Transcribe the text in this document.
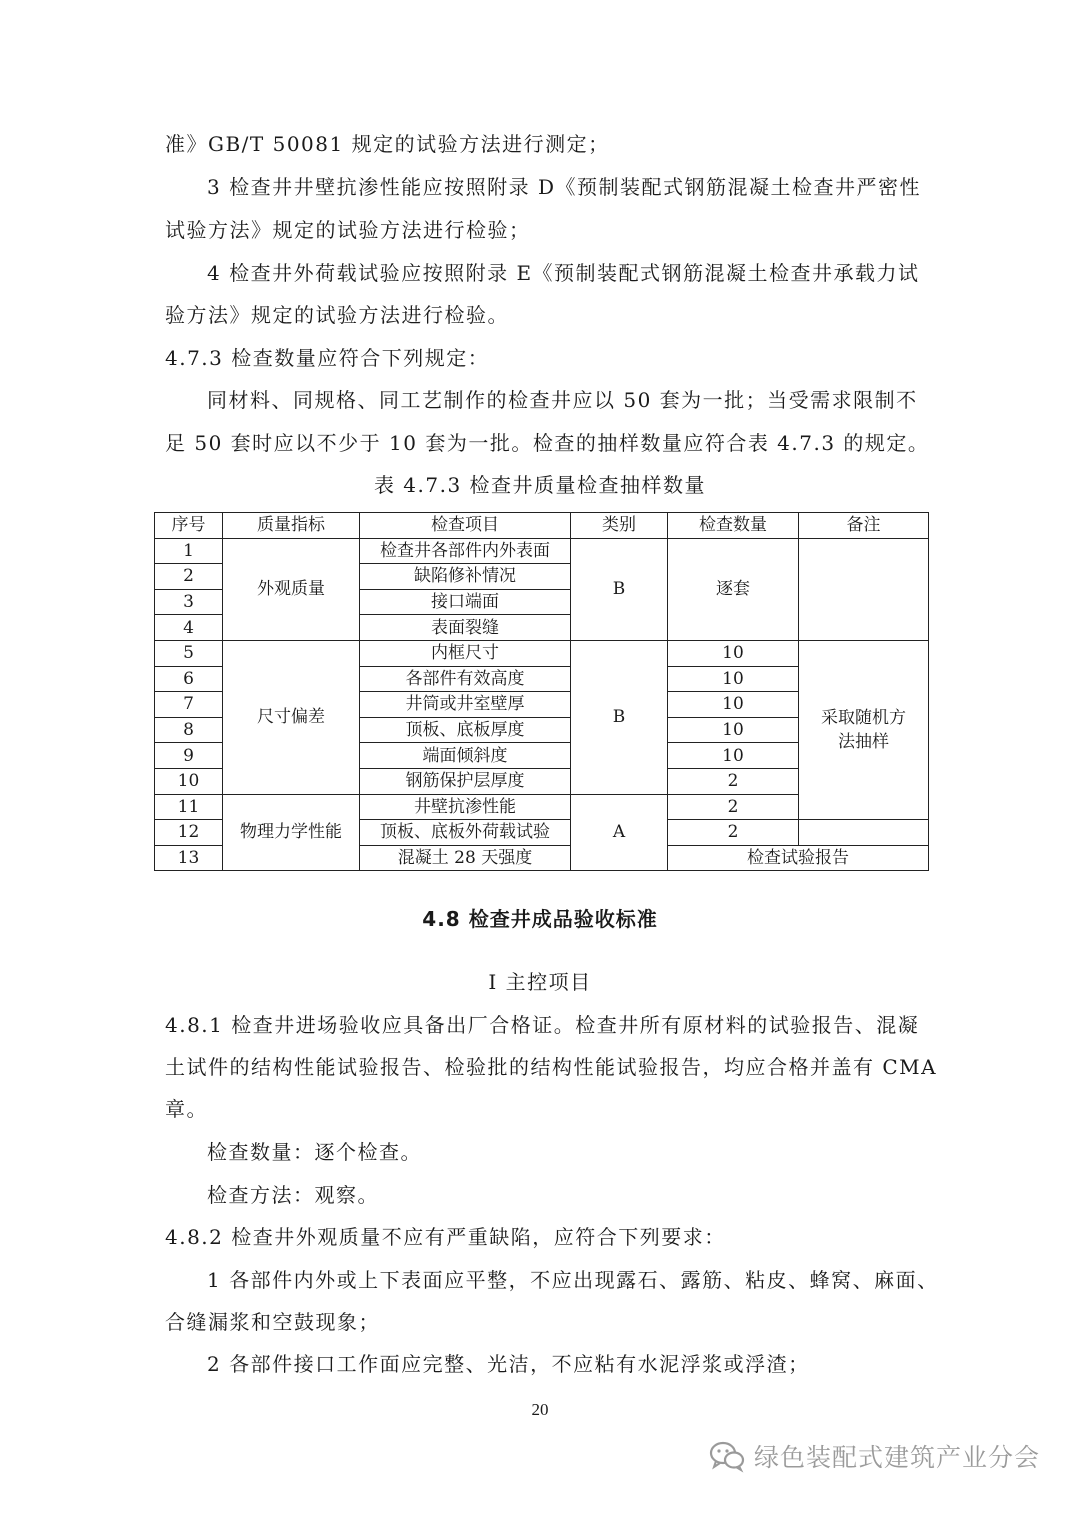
准》GB/T 50081 规定的试验方法进行测定；
3 检查井井壁抗渗性能应按照附录 D《预制装配式钢筋混凝土检查井严密性
试验方法》规定的试验方法进行检验；
4 检查井外荷载试验应按照附录 E《预制装配式钢筋混凝土检查井承载力试
验方法》规定的试验方法进行检验。
4.7.3 检查数量应符合下列规定：
同材料、同规格、同工艺制作的检查井应以 50 套为一批；当受需求限制不
足 50 套时应以不少于 10 套为一批。检查的抽样数量应符合表 4.7.3 的规定。
表 4.7.3 检查井质量检查抽样数量
序号	质量指标	检查项目	类别	检查数量	备注
1	外观质量	检查井各部件内外表面	B	逐套	
2		缺陷修补情况			
3		接口端面			
4		表面裂缝			
5	尺寸偏差	内框尺寸	B	10	采取随机方法抽样
6		各部件有效高度		10	
7		井筒或井室壁厚		10	
8		顶板、底板厚度		10	
9		端面倾斜度		10	
10		钢筋保护层厚度		2	
11	物理力学性能	井壁抗渗性能	A	2	
12		顶板、底板外荷载试验		2	
13		混凝土 28 天强度		检查试验报告	
4.8 检查井成品验收标准
I 主控项目
4.8.1 检查井进场验收应具备出厂合格证。检查井所有原材料的试验报告、混凝
土试件的结构性能试验报告、检验批的结构性能试验报告，均应合格并盖有 CMA
章。
检查数量：逐个检查。
检查方法：观察。
4.8.2 检查井外观质量不应有严重缺陷，应符合下列要求：
1 各部件内外或上下表面应平整，不应出现露石、露筋、粘皮、蜂窝、麻面、
合缝漏浆和空鼓现象；
2 各部件接口工作面应完整、光洁，不应粘有水泥浮浆或浮渣；
20
绿色装配式建筑产业分会
